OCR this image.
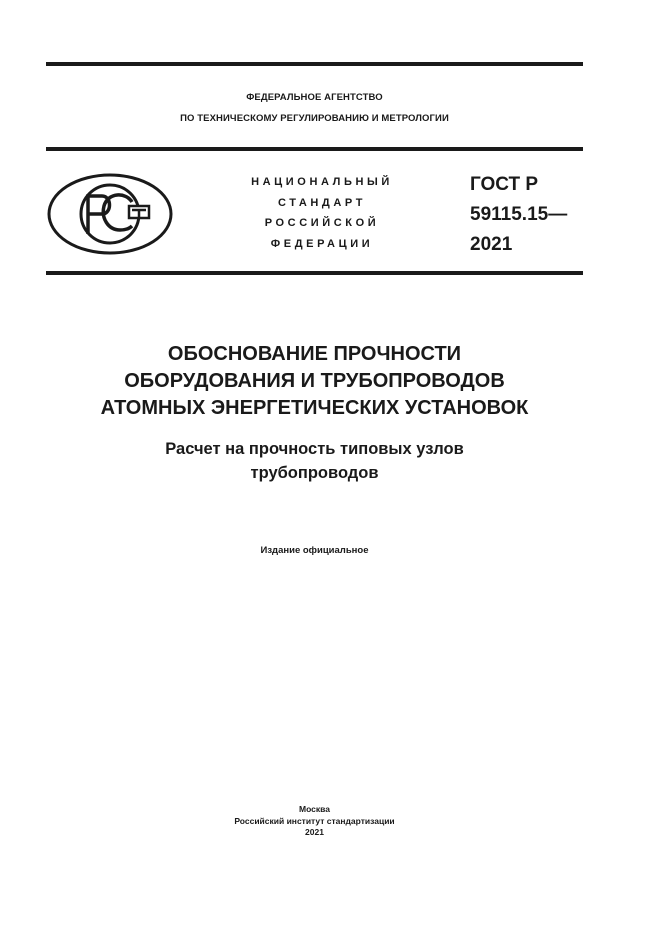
ФЕДЕРАЛЬНОЕ АГЕНТСТВО
ПО ТЕХНИЧЕСКОМУ РЕГУЛИРОВАНИЮ И МЕТРОЛОГИИ
НАЦИОНАЛЬНЫЙ
СТАНДАРТ
РОССИЙСКОЙ
ФЕДЕРАЦИИ
ГОСТ Р
59115.15—
2021
ОБОСНОВАНИЕ ПРОЧНОСТИ
ОБОРУДОВАНИЯ И ТРУБОПРОВОДОВ
АТОМНЫХ ЭНЕРГЕТИЧЕСКИХ УСТАНОВОК
Расчет на прочность типовых узлов
трубопроводов
Издание официальное
Москва
Российский институт стандартизации
2021
